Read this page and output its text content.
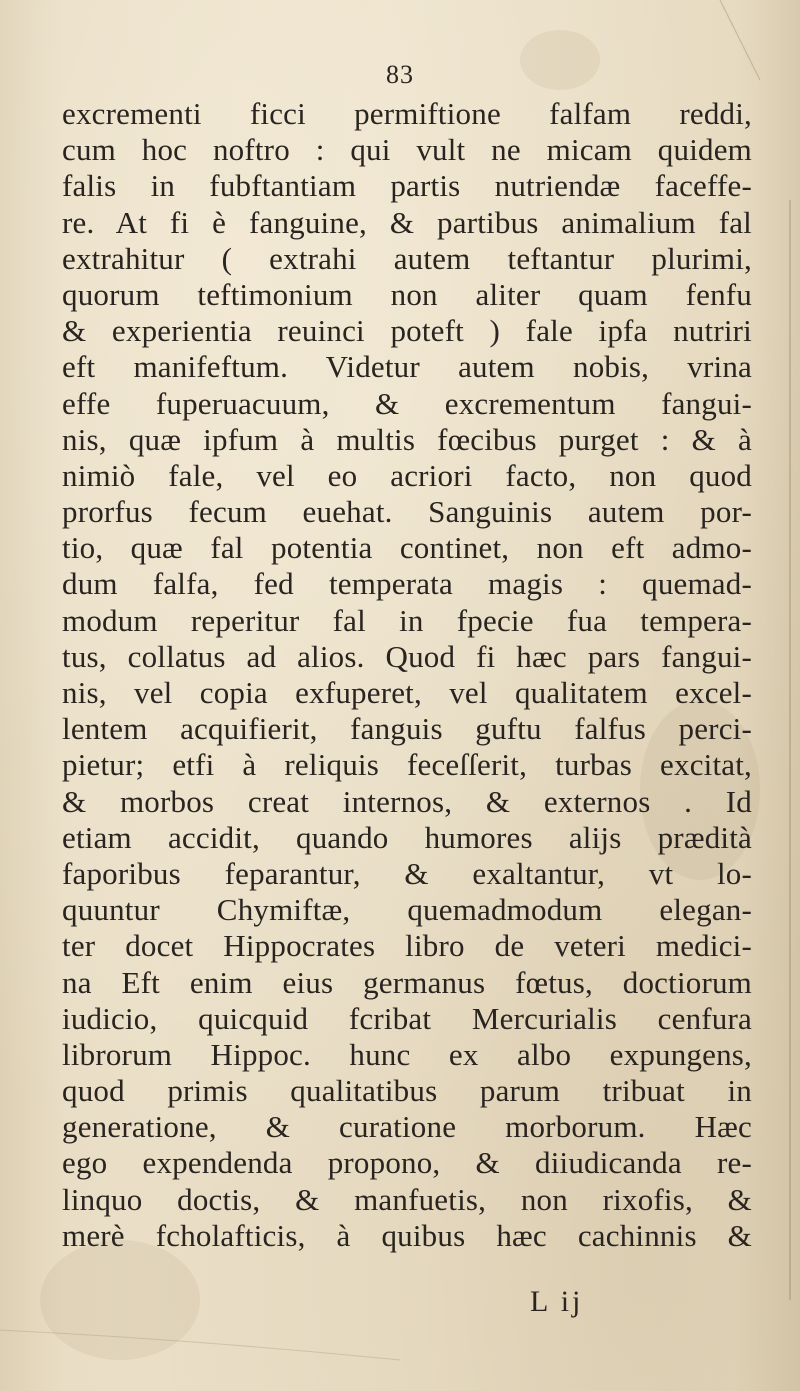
83
excrementi ficci permiftione falfam reddi,
cum hoc noftro : qui vult ne micam quidem
falis in fubftantiam partis nutriendæ faceffe-
re. At fi è fanguine, & partibus animalium fal
extrahitur ( extrahi autem teftantur plurimi,
quorum teftimonium non aliter quam fenfu
& experientia reuinci poteft ) fale ipfa nutriri
eft manifeftum. Videtur autem nobis, vrina
effe fuperuacuum, & excrementum fangui-
nis, quæ ipfum à multis fœcibus purget : & à
nimiò fale, vel eo acriori facto, non quod
prorfus fecum euehat. Sanguinis autem por-
tio, quæ fal potentia continet, non eft admo-
dum falfa, fed temperata magis : quemad-
modum reperitur fal in fpecie fua tempera-
tus, collatus ad alios. Quod fi hæc pars fangui-
nis, vel copia exfuperet, vel qualitatem excel-
lentem acquifierit, fanguis guftu falfus perci-
pietur; etfi à reliquis feceſſerit, turbas excitat,
& morbos creat internos, & externos . Id
etiam accidit, quando humores alijs prædità
faporibus feparantur, & exaltantur, vt lo-
quuntur Chymiftæ, quemadmodum elegan-
ter docet Hippocrates libro de veteri medici-
na Eft enim eius germanus fœtus, doctiorum
iudicio, quicquid fcribat Mercurialis cenfura
librorum Hippoc. hunc ex albo expungens,
quod primis qualitatibus parum tribuat in
generatione, & curatione morborum. Hæc
ego expendenda propono, & diiudicanda re-
linquo doctis, & manfuetis, non rixofis, &
merè fcholafticis, à quibus hæc cachinnis &
L ij
